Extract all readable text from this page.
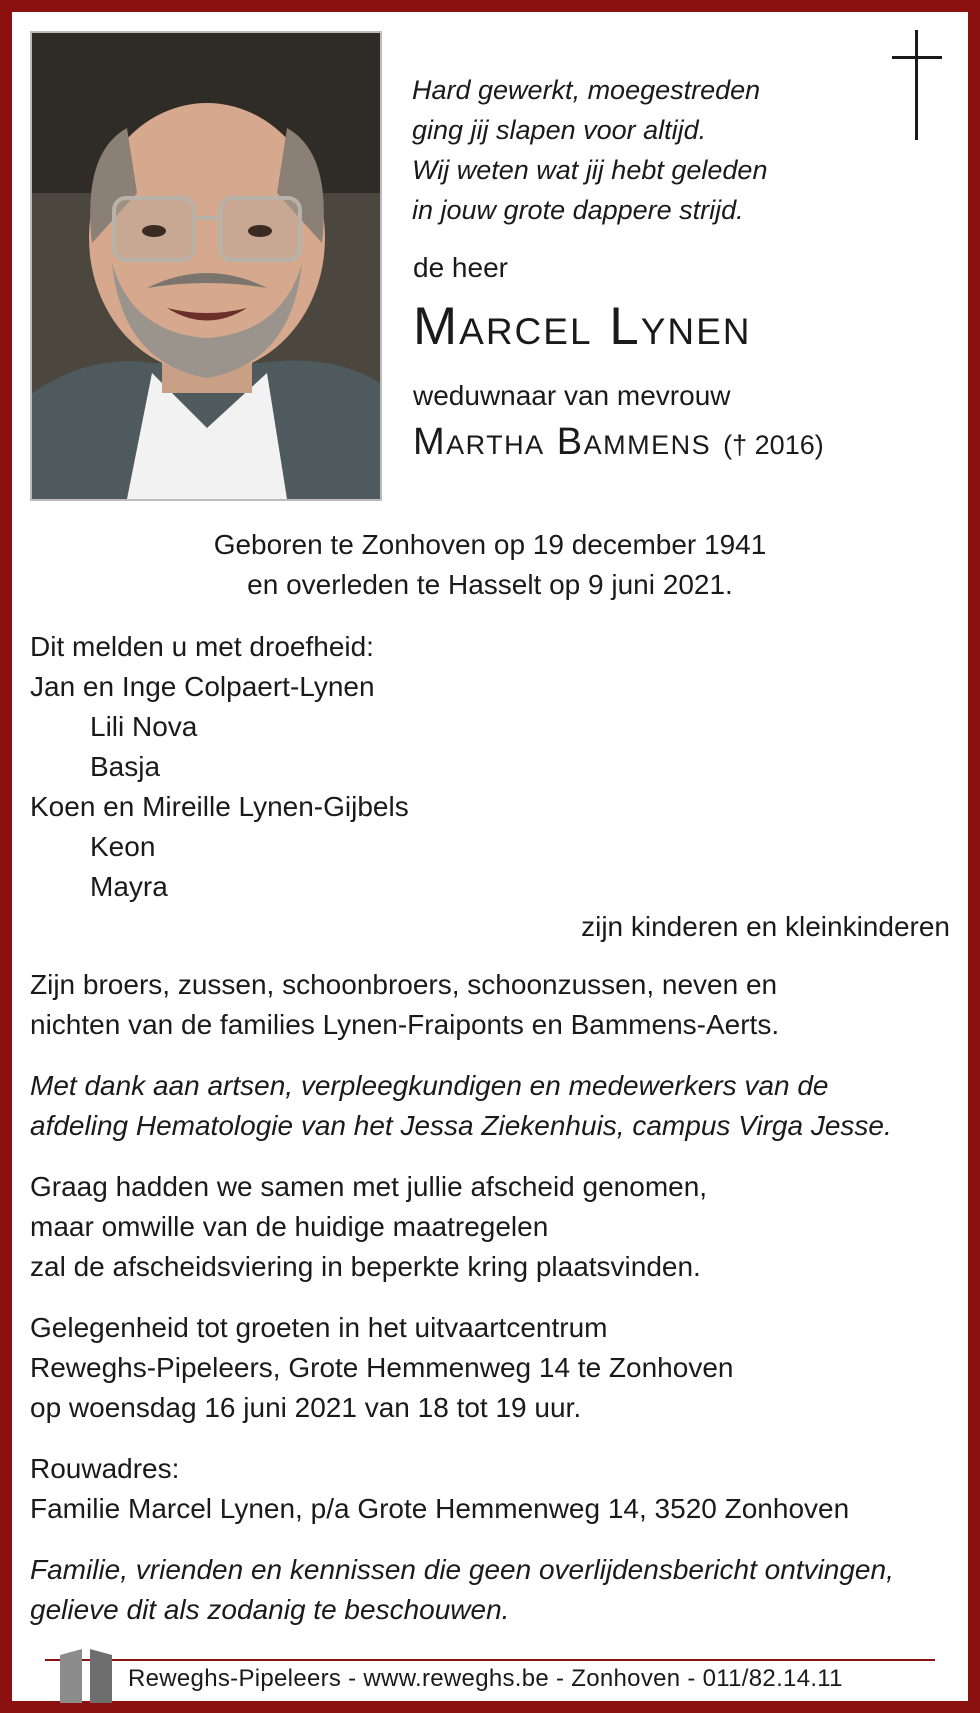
Hard gewerkt, moegestreden
ging jij slapen voor altijd.
Wij weten wat jij hebt geleden
in jouw grote dappere strijd.
de heer
Marcel Lynen
weduwnaar van mevrouw
Martha Bammens († 2016)
Geboren te Zonhoven op 19 december 1941
en overleden te Hasselt op 9 juni 2021.
Dit melden u met droefheid:
Jan en Inge Colpaert-Lynen
Lili Nova
Basja
Koen en Mireille Lynen-Gijbels
Keon
Mayra
zijn kinderen en kleinkinderen
Zijn broers, zussen, schoonbroers, schoonzussen, neven en
nichten van de families Lynen-Fraiponts en Bammens-Aerts.
Met dank aan artsen, verpleegkundigen en medewerkers van de
afdeling Hematologie van het Jessa Ziekenhuis, campus Virga Jesse.
Graag hadden we samen met jullie afscheid genomen,
maar omwille van de huidige maatregelen
zal de afscheidsviering in beperkte kring plaatsvinden.
Gelegenheid tot groeten in het uitvaartcentrum
Reweghs-Pipeleers, Grote Hemmenweg 14 te Zonhoven
op woensdag 16 juni 2021 van 18 tot 19 uur.
Rouwadres:
Familie Marcel Lynen, p/a Grote Hemmenweg 14, 3520 Zonhoven
Familie, vrienden en kennissen die geen overlijdensbericht ontvingen,
gelieve dit als zodanig te beschouwen.
Reweghs-Pipeleers - www.reweghs.be - Zonhoven - 011/82.14.11
